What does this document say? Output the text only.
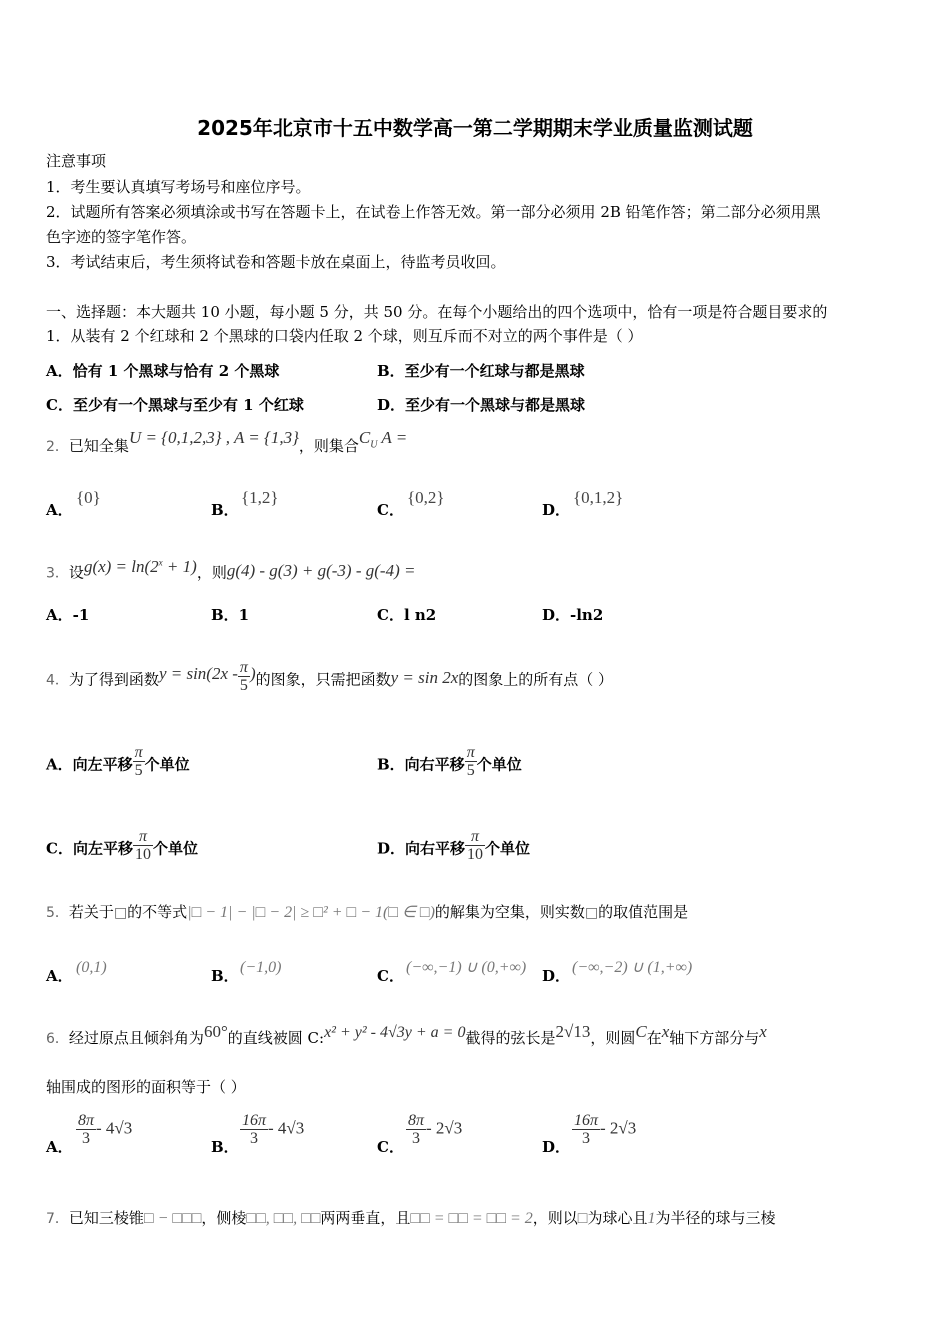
2025年北京市十五中数学高一第二学期期末学业质量监测试题
注意事项
1．考生要认真填写考场号和座位序号。
2．试题所有答案必须填涂或书写在答题卡上，在试卷上作答无效。第一部分必须用 2B 铅笔作答；第二部分必须用黑
色字迹的签字笔作答。
3．考试结束后，考生须将试卷和答题卡放在桌面上，待监考员收回。
一、选择题：本大题共 10 小题，每小题 5 分，共 50 分。在每个小题给出的四个选项中，恰有一项是符合题目要求的
1．从装有 2 个红球和 2 个黑球的口袋内任取 2 个球，则互斥而不对立的两个事件是（ ）
A．恰有 1 个黑球与恰有 2 个黑球	B．至少有一个红球与都是黑球
C．至少有一个黑球与至少有 1 个红球	D．至少有一个黑球与都是黑球
2．已知全集U = {0,1,2,3} , A = {1,3}，则集合$C_U$ A =
A．
{0}
B．
{1,2}
C．
{0,2}
D．
{0,1,2}
3．设$g(x) = \ln(2^x + 1)$，则g(4) - g(3) + g(-3) - g(-4) =
A．-1	B．1	C．l n2	D．-ln2
4．为了得到函数$y = \sin(2x - \frac{\pi}{5}$ )的图象，只需把函数y = sin 2x的图象上的所有点（ ）
A．向左平移 $\frac{\pi}{5}$ 个单位	B．向右平移 $\frac{\pi}{5}$ 个单位
C．向左平移 $\frac{\pi}{10}$ 个单位	D．向右平移 $\frac{\pi}{10}$ 个单位
5．若关于□的不等式|□ − 1| − |□ − 2| ≥ □² + □ − 1(□ ∈ □)的解集为空集，则实数□的取值范围是
A． (0,1)	B． (−1,0)	C． (−∞,−1) ∪ (0,+∞) D． (−∞,−2) ∪ (1,+∞)
6．经过原点且倾斜角为60°的直线被圆 C:x² + y² - 4√3y + a = 0截得的弦长是2√13，则圆C在x轴下方部分与x
轴围成的图形的面积等于（ ）
A． $\frac{8\pi}{3} - 4√3$
B． $\frac{16\pi}{3} - 4√3$
C． $\frac{8\pi}{3} - 2√3$
D． $\frac{16\pi}{3} - 2√3$
7．已知三棱锥□ − □□□，侧棱□□, □□, □□两两垂直，且□□ = □□ = □□ = 2，则以□为球心且1为半径的球与三棱
